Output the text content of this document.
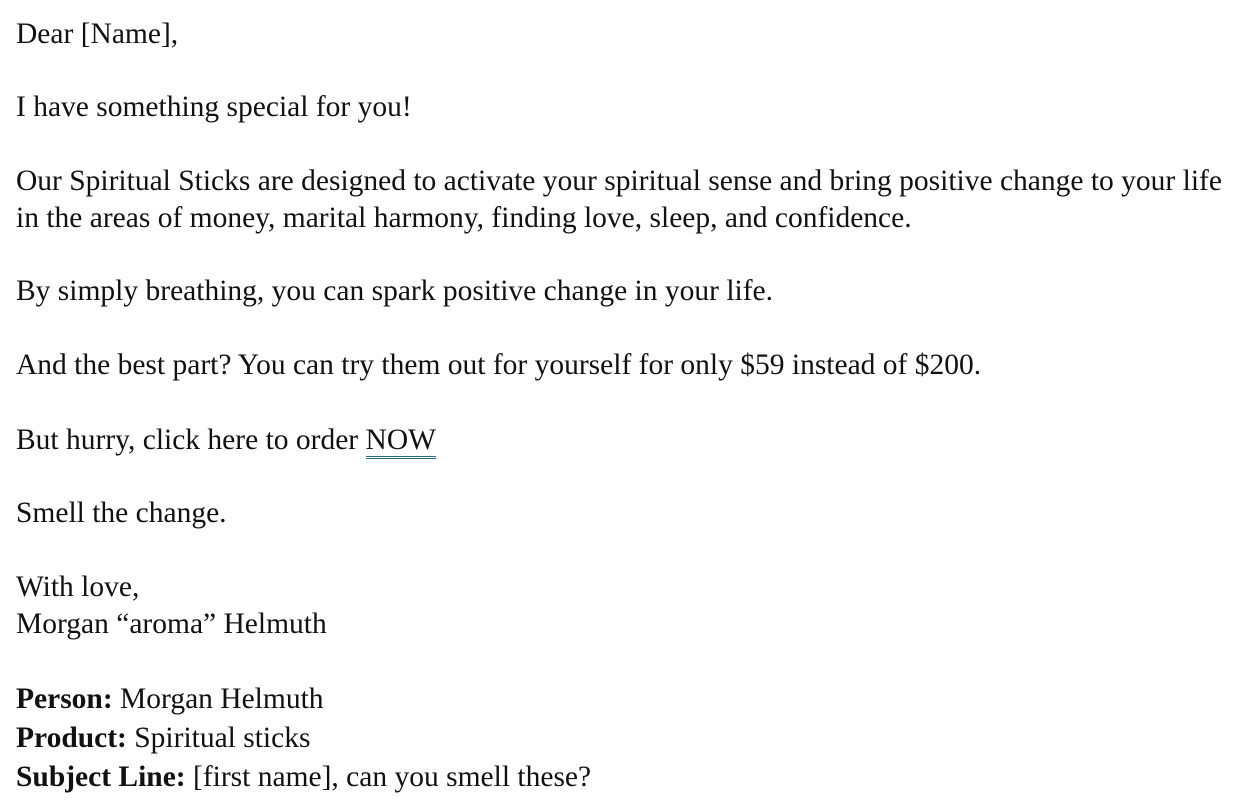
Dear [Name],

I have something special for you!

Our Spiritual Sticks are designed to activate your spiritual sense and bring positive change to your life in the areas of money, marital harmony, finding love, sleep, and confidence.

By simply breathing, you can spark positive change in your life.

And the best part? You can try them out for yourself for only $59 instead of $200.

But hurry, click here to order NOW

Smell the change.

With love,

Morgan “aroma” Helmuth

Person: Morgan Helmuth

Product: Spiritual sticks

Subject Line: [first name], can you smell these?
